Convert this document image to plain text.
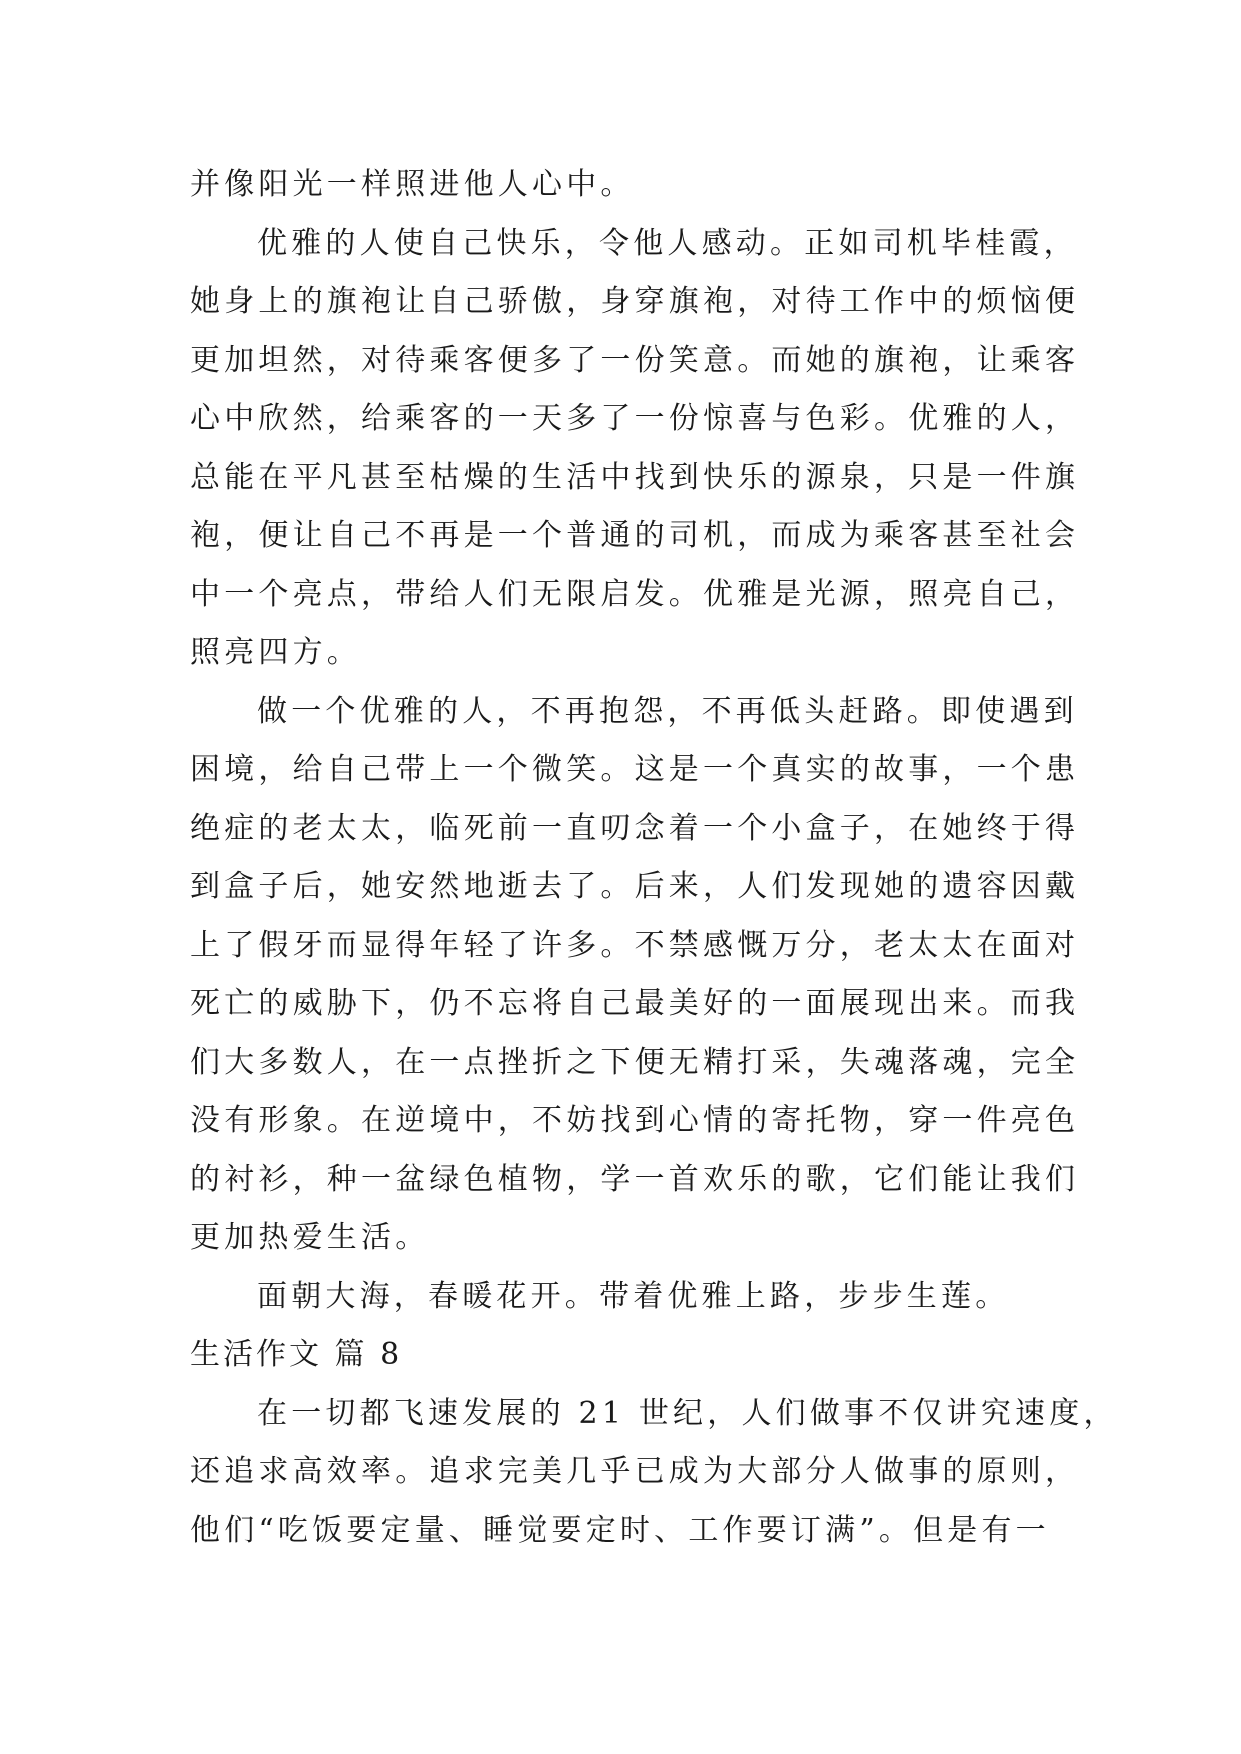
并像阳光一样照进他人心中。
优雅的人使自己快乐，令他人感动。正如司机毕桂霞，
她身上的旗袍让自己骄傲，身穿旗袍，对待工作中的烦恼便
更加坦然，对待乘客便多了一份笑意。而她的旗袍，让乘客
心中欣然，给乘客的一天多了一份惊喜与色彩。优雅的人，
总能在平凡甚至枯燥的生活中找到快乐的源泉，只是一件旗
袍，便让自己不再是一个普通的司机，而成为乘客甚至社会
中一个亮点，带给人们无限启发。优雅是光源，照亮自己，
照亮四方。
做一个优雅的人，不再抱怨，不再低头赶路。即使遇到
困境，给自己带上一个微笑。这是一个真实的故事，一个患
绝症的老太太，临死前一直叨念着一个小盒子，在她终于得
到盒子后，她安然地逝去了。后来，人们发现她的遗容因戴
上了假牙而显得年轻了许多。不禁感慨万分，老太太在面对
死亡的威胁下，仍不忘将自己最美好的一面展现出来。而我
们大多数人，在一点挫折之下便无精打采，失魂落魂，完全
没有形象。在逆境中，不妨找到心情的寄托物，穿一件亮色
的衬衫，种一盆绿色植物，学一首欢乐的歌，它们能让我们
更加热爱生活。
面朝大海，春暖花开。带着优雅上路，步步生莲。
生活作文 篇 8
在一切都飞速发展的 21 世纪，人们做事不仅讲究速度，
还追求高效率。追求完美几乎已成为大部分人做事的原则，
他们“吃饭要定量、睡觉要定时、工作要订满”。但是有一
